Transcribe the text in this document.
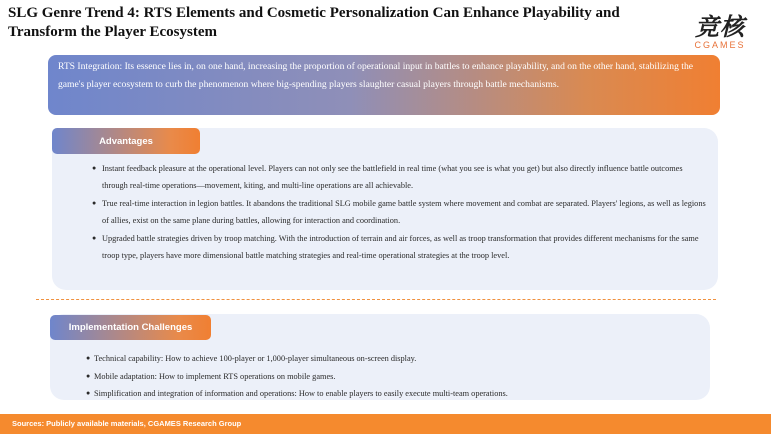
SLG Genre Trend 4: RTS Elements and Cosmetic Personalization Can Enhance Playability and Transform the Player Ecosystem	竞核
CGAMES
RTS Integration: Its essence lies in, on one hand, increasing the proportion of operational input in battles to enhance playability, and on the other hand, stabilizing the game's player ecosystem to curb the phenomenon where big-spending players slaughter casual players through battle mechanisms.
Advantages
● Instant feedback pleasure at the operational level. Players can not only see the battlefield in real time (what you see is what you get) but also directly influence battle outcomes through real-time operations—movement, kiting, and multi-line operations are all achievable.
● True real-time interaction in legion battles. It abandons the traditional SLG mobile game battle system where movement and combat are separated. Players' legions, as well as legions of allies, exist on the same plane during battles, allowing for interaction and coordination.
● Upgraded battle strategies driven by troop matching. With the introduction of terrain and air forces, as well as troop transformation that provides different mechanisms for the same troop type, players have more dimensional battle matching strategies and real-time operational strategies at the troop level.
Implementation Challenges
● Technical capability: How to achieve 100-player or 1,000-player simultaneous on-screen display.
● Mobile adaptation: How to implement RTS operations on mobile games.
● Simplification and integration of information and operations: How to enable players to easily execute multi-team operations.
Sources: Publicly available materials, CGAMES Research Group
